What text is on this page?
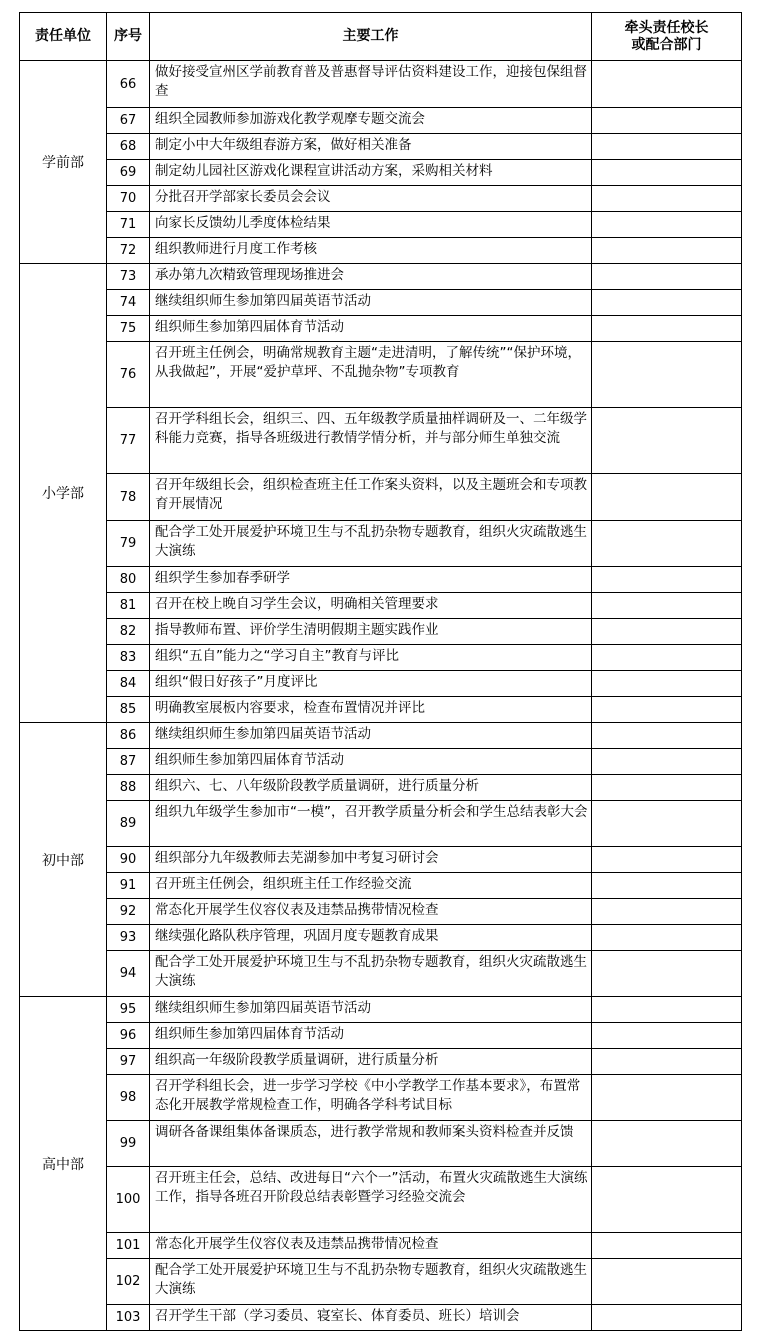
责任单位	序号	主要工作	牵头责任校长
或配合部门

学前部	66	做好接受宣州区学前教育普及普惠督导评估资料建设工作，迎接包保组督查	
	67	组织全园教师参加游戏化教学观摩专题交流会	
	68	制定小中大年级组春游方案，做好相关准备	
	69	制定幼儿园社区游戏化课程宣讲活动方案，采购相关材料	
	70	分批召开学部家长委员会会议	
	71	向家长反馈幼儿季度体检结果	
	72	组织教师进行月度工作考核	
小学部	73	承办第九次精致管理现场推进会	
	74	继续组织师生参加第四届英语节活动	
	75	组织师生参加第四届体育节活动	
	76	召开班主任例会，明确常规教育主题“走进清明，了解传统”“保护环境，从我做起”，开展“爱护草坪、不乱抛杂物”专项教育	
	77	召开学科组长会，组织三、四、五年级教学质量抽样调研及一、二年级学科能力竞赛，指导各班级进行教情学情分析，并与部分师生单独交流	
	78	召开年级组长会，组织检查班主任工作案头资料，以及主题班会和专项教育开展情况	
	79	配合学工处开展爱护环境卫生与不乱扔杂物专题教育，组织火灾疏散逃生大演练	
	80	组织学生参加春季研学	
	81	召开在校上晚自习学生会议，明确相关管理要求	
	82	指导教师布置、评价学生清明假期主题实践作业	
	83	组织“五自”能力之“学习自主”教育与评比	
	84	组织“假日好孩子”月度评比	
	85	明确教室展板内容要求，检查布置情况并评比	
初中部	86	继续组织师生参加第四届英语节活动	
	87	组织师生参加第四届体育节活动	
	88	组织六、七、八年级阶段教学质量调研，进行质量分析	
	89	组织九年级学生参加市“一模”，召开教学质量分析会和学生总结表彰大会	
	90	组织部分九年级教师去芜湖参加中考复习研讨会	
	91	召开班主任例会，组织班主任工作经验交流	
	92	常态化开展学生仪容仪表及违禁品携带情况检查	
	93	继续强化路队秩序管理，巩固月度专题教育成果	
	94	配合学工处开展爱护环境卫生与不乱扔杂物专题教育，组织火灾疏散逃生大演练	
高中部	95	继续组织师生参加第四届英语节活动	
	96	组织师生参加第四届体育节活动	
	97	组织高一年级阶段教学质量调研，进行质量分析	
	98	召开学科组长会，进一步学习学校《中小学教学工作基本要求》，布置常态化开展教学常规检查工作，明确各学科考试目标	
	99	调研各备课组集体备课质态，进行教学常规和教师案头资料检查并反馈	
	100	召开班主任会，总结、改进每日“六个一”活动，布置火灾疏散逃生大演练工作，指导各班召开阶段总结表彰暨学习经验交流会	
	101	常态化开展学生仪容仪表及违禁品携带情况检查	
	102	配合学工处开展爱护环境卫生与不乱扔杂物专题教育，组织火灾疏散逃生大演练	
	103	召开学生干部（学习委员、寝室长、体育委员、班长）培训会	
